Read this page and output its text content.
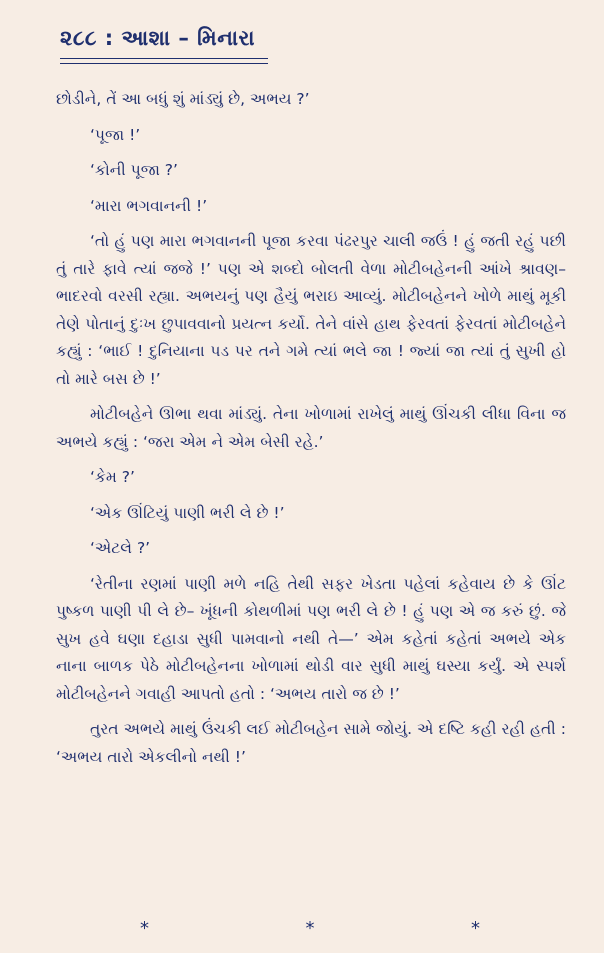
૨૮૮ : આશા – મિનારા

છોડીને, તેં આ બધું શું માંડ્યું છે, અભય ?’

‘પૂજા !’

‘કોની પૂજા ?’

‘મારા ભગવાનની !’

‘તો હું પણ મારા ભગવાનની પૂજા કરવા પંઢરપુર ચાલી જઉં ! હું જતી રહું પછી તું તારે ફાવે ત્યાં જજે !’ પણ એ શબ્દો બોલતી વેળા મોટીબહેનની આંખે શ્રાવણ–ભાદરવો વરસી રહ્યા. અભયનું પણ હૈયું ભરાઇ આવ્યું. મોટીબહેનને ખોળે માથું મૂકી તેણે પોતાનું દુઃખ છુપાવવાનો પ્રયત્ન કર્યો. તેને વાંસે હાથ ફેરવતાં ફેરવતાં મોટીબહેને કહ્યું : ‘ભાઈ ! દુનિયાના પડ પર તને ગમે ત્યાં ભલે જા ! જ્યાં જા ત્યાં તું સુખી હો તો મારે બસ છે !’

મોટીબહેને ઊભા થવા માંડ્યું. તેના ખોળામાં રાખેલું માથું ઊંચકી લીધા વિના જ અભયે કહ્યું : ‘જરા એમ ને એમ બેસી રહે.’

‘કેમ ?’

‘એક ઊંટિયું પાણી ભરી લે છે !’

‘એટલે ?’

‘રેતીના રણમાં પાણી મળે નહિ તેથી સફર ખેડતા પહેલાં કહેવાય છે કે ઊંટ પુષ્કળ પાણી પી લે છે– ખૂંધની કોથળીમાં પણ ભરી લે છે ! હું પણ એ જ કરું છું. જે સુખ હવે ઘણા દહાડા સુધી પામવાનો નથી તે—’ એમ કહેતાં કહેતાં અભયે એક નાના બાળક પેઠે મોટીબહેનના ખોળામાં થોડી વાર સુધી માથું ઘસ્યા કર્યું. એ સ્પર્શ મોટીબહેનને ગવાહી આપતો હતો : ‘અભય તારો જ છે !’

તુરત અભયે માથું ઉંચકી લઈ મોટીબહેન સામે જોયું. એ દષ્ટિ કહી રહી હતી : ‘અભય તારો એકલીનો નથી !’

*	*	*
